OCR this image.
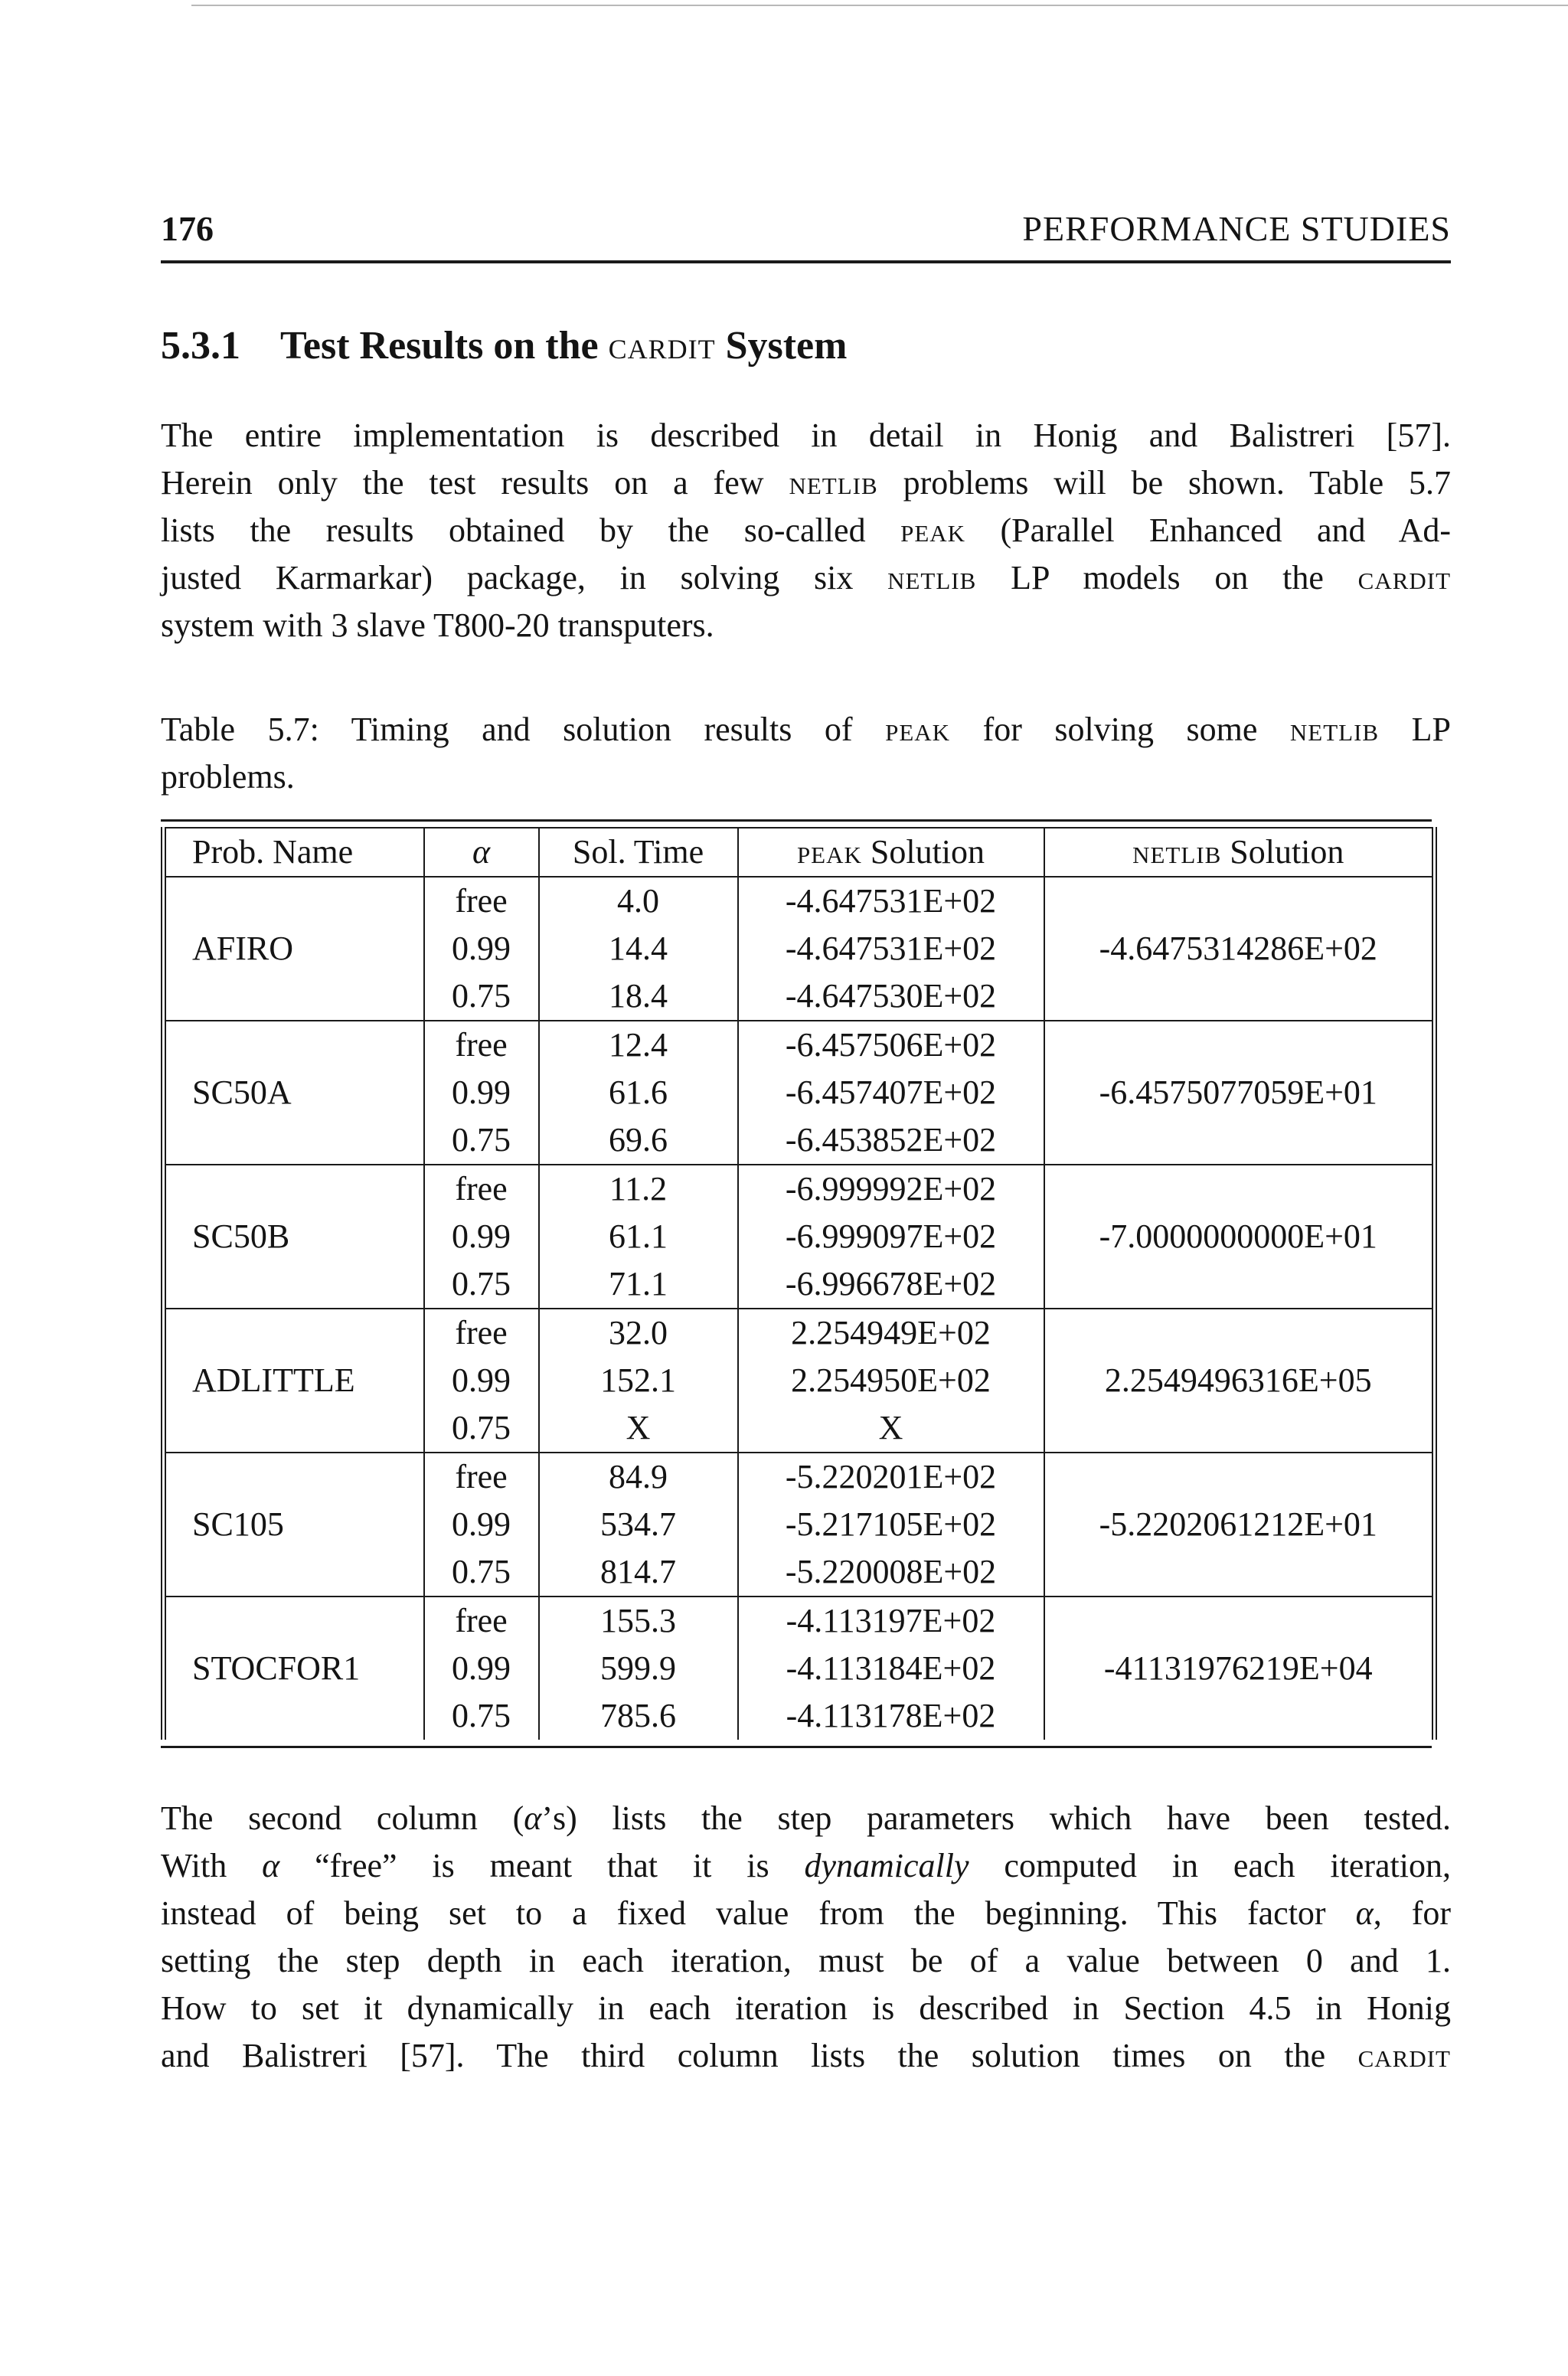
176	PERFORMANCE STUDIES
5.3.1 Test Results on the cardit System
The entire implementation is described in detail in Honig and Balistreri [57].
Herein only the test results on a few netlib problems will be shown. Table 5.7
lists the results obtained by the so-called peak (Parallel Enhanced and Ad-
justed Karmarkar) package, in solving six netlib LP models on the cardit
system with 3 slave T800-20 transputers.
Table 5.7: Timing and solution results of peak for solving some netlib LP
problems.
Prob. Name	α	Sol. Time	peak Solution	netlib Solution
	free	4.0	-4.647531E+02	
AFIRO	0.99	14.4	-4.647531E+02	-4.6475314286E+02
	0.75	18.4	-4.647530E+02	
	free	12.4	-6.457506E+02	
SC50A	0.99	61.6	-6.457407E+02	-6.4575077059E+01
	0.75	69.6	-6.453852E+02	
	free	11.2	-6.999992E+02	
SC50B	0.99	61.1	-6.999097E+02	-7.0000000000E+01
	0.75	71.1	-6.996678E+02	
	free	32.0	2.254949E+02	
ADLITTLE	0.99	152.1	2.254950E+02	2.2549496316E+05
	0.75	X	X	
	free	84.9	-5.220201E+02	
SC105	0.99	534.7	-5.217105E+02	-5.2202061212E+01
	0.75	814.7	-5.220008E+02	
	free	155.3	-4.113197E+02	
STOCFOR1	0.99	599.9	-4.113184E+02	-41131976219E+04
	0.75	785.6	-4.113178E+02	
The second column (α’s) lists the step parameters which have been tested.
With α “free” is meant that it is dynamically computed in each iteration,
instead of being set to a fixed value from the beginning. This factor α, for
setting the step depth in each iteration, must be of a value between 0 and 1.
How to set it dynamically in each iteration is described in Section 4.5 in Honig
and Balistreri [57]. The third column lists the solution times on the cardit
